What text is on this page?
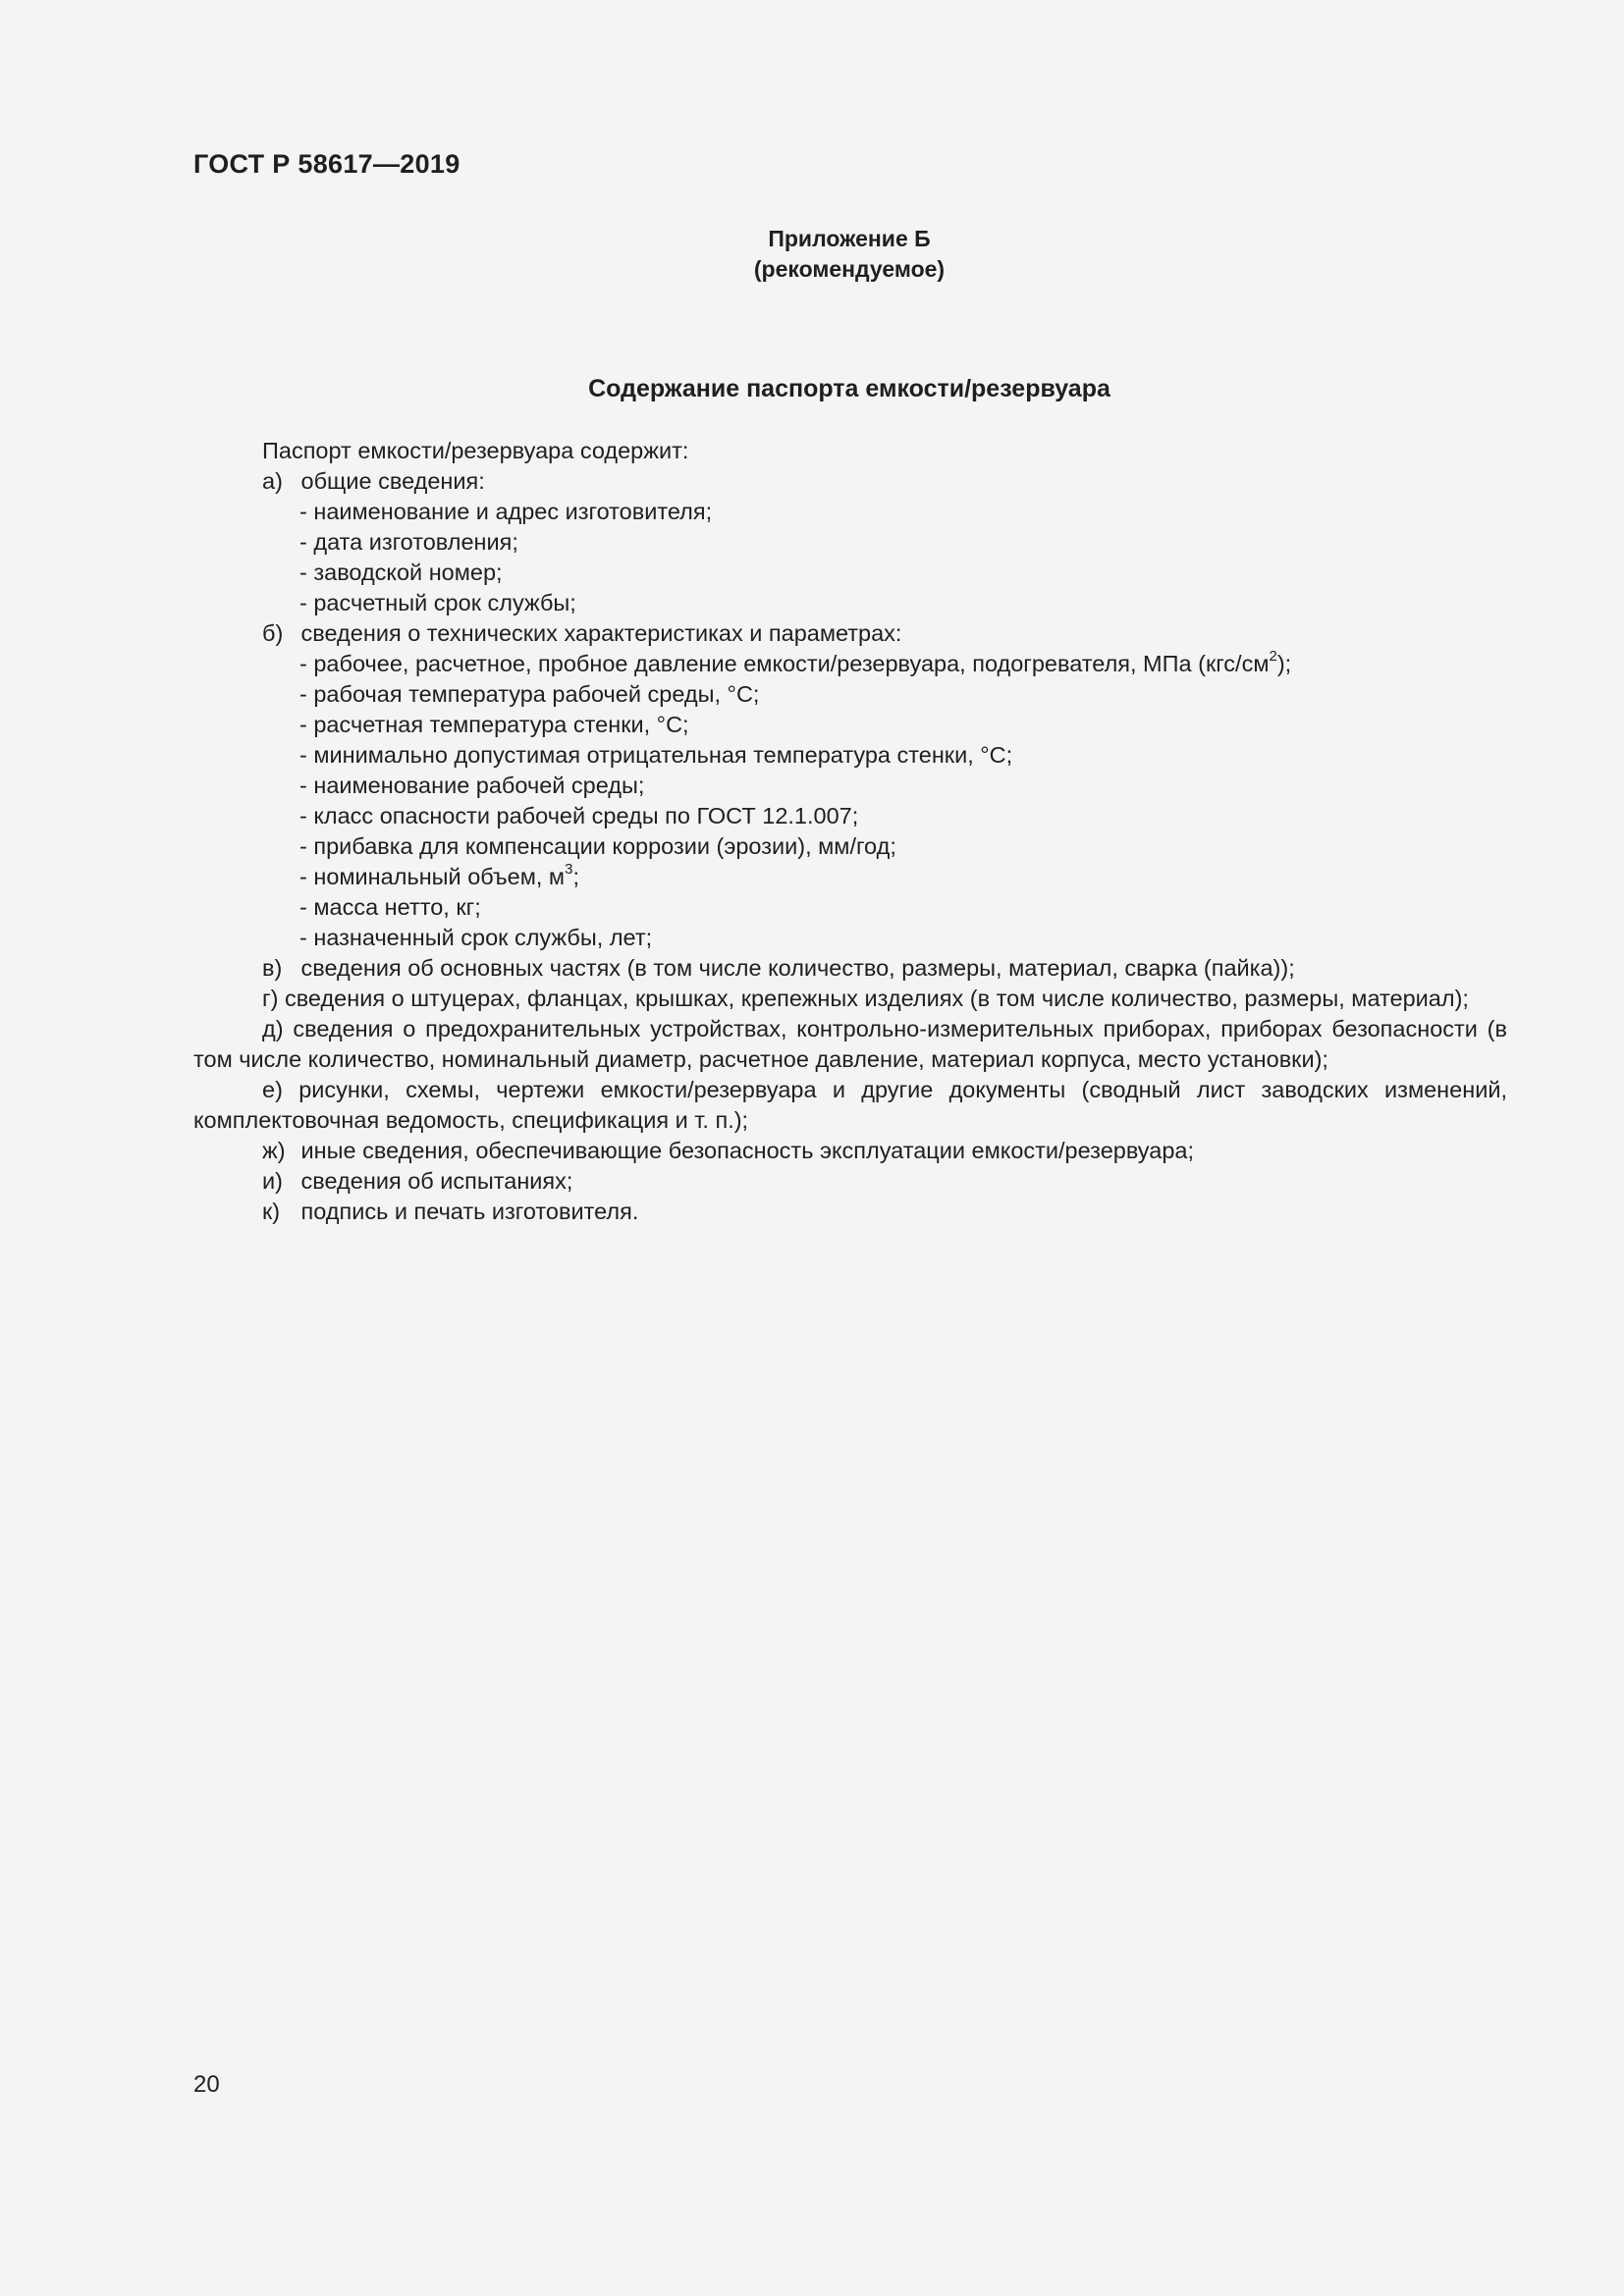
ГОСТ Р 58617—2019
Приложение Б
(рекомендуемое)
Содержание паспорта емкости/резервуара
Паспорт емкости/резервуара содержит:
а) общие сведения:
- наименование и адрес изготовителя;
- дата изготовления;
- заводской номер;
- расчетный срок службы;
б) сведения о технических характеристиках и параметрах:
- рабочее, расчетное, пробное давление емкости/резервуара, подогревателя, МПа $(кгс/см^2)$;
- рабочая температура рабочей среды, °С;
- расчетная температура стенки, °С;
- минимально допустимая отрицательная температура стенки, °С;
- наименование рабочей среды;
- класс опасности рабочей среды по ГОСТ 12.1.007;
- прибавка для компенсации коррозии (эрозии), мм/год;
- номинальный объем, $м^3$;
- масса нетто, кг;
- назначенный срок службы, лет;
в) сведения об основных частях (в том числе количество, размеры, материал, сварка (пайка));
г) сведения о штуцерах, фланцах, крышках, крепежных изделиях (в том числе количество, размеры, материал);
д) сведения о предохранительных устройствах, контрольно-измерительных приборах, приборах безопасности (в том числе количество, номинальный диаметр, расчетное давление, материал корпуса, место установки);
е) рисунки, схемы, чертежи емкости/резервуара и другие документы (сводный лист заводских изменений, комплектовочная ведомость, спецификация и т. п.);
ж) иные сведения, обеспечивающие безопасность эксплуатации емкости/резервуара;
и) сведения об испытаниях;
к) подпись и печать изготовителя.
20
